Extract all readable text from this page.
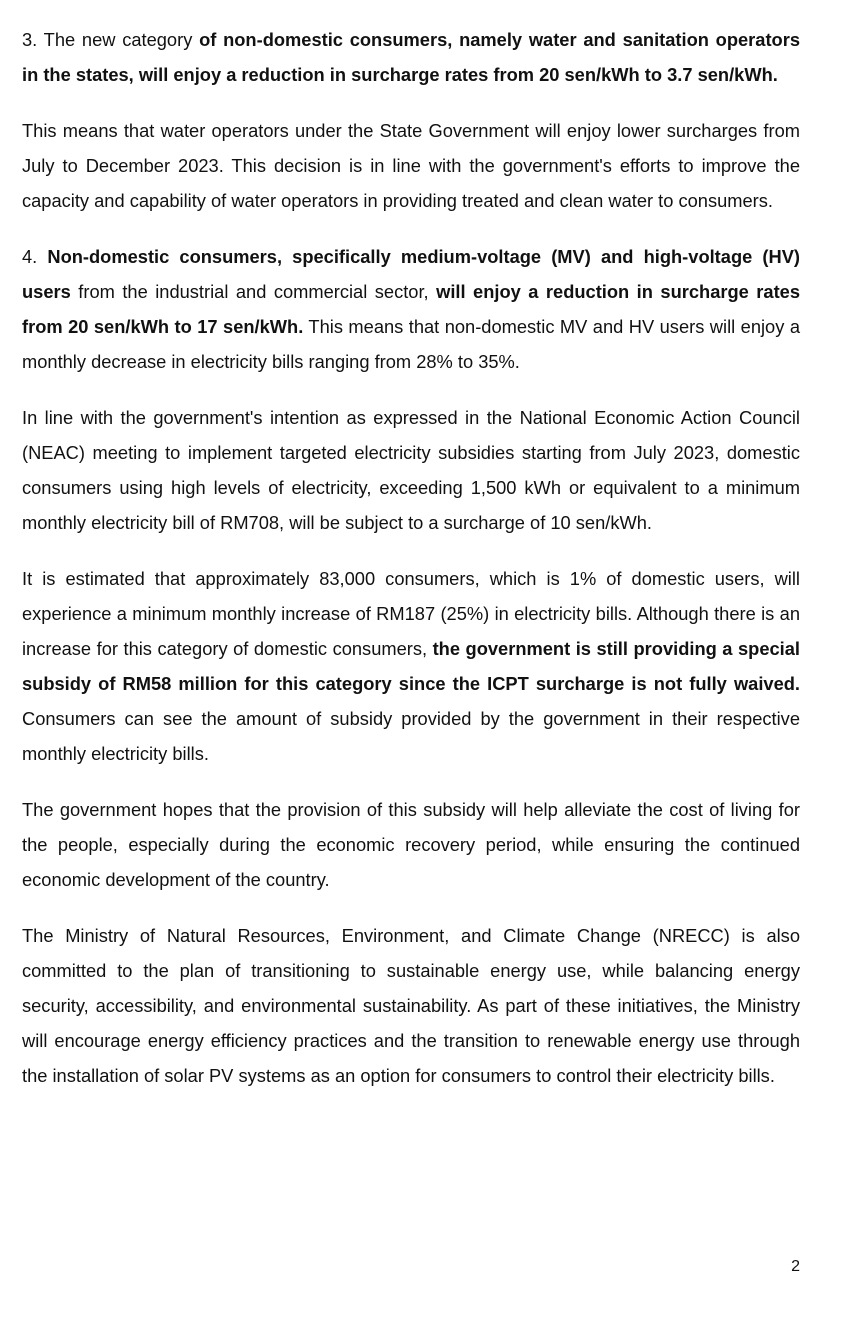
3. The new category of non-domestic consumers, namely water and sanitation operators in the states, will enjoy a reduction in surcharge rates from 20 sen/kWh to 3.7 sen/kWh.

This means that water operators under the State Government will enjoy lower surcharges from July to December 2023. This decision is in line with the government's efforts to improve the capacity and capability of water operators in providing treated and clean water to consumers.

4. Non-domestic consumers, specifically medium-voltage (MV) and high-voltage (HV) users from the industrial and commercial sector, will enjoy a reduction in surcharge rates from 20 sen/kWh to 17 sen/kWh. This means that non-domestic MV and HV users will enjoy a monthly decrease in electricity bills ranging from 28% to 35%.

In line with the government's intention as expressed in the National Economic Action Council (NEAC) meeting to implement targeted electricity subsidies starting from July 2023, domestic consumers using high levels of electricity, exceeding 1,500 kWh or equivalent to a minimum monthly electricity bill of RM708, will be subject to a surcharge of 10 sen/kWh.

It is estimated that approximately 83,000 consumers, which is 1% of domestic users, will experience a minimum monthly increase of RM187 (25%) in electricity bills. Although there is an increase for this category of domestic consumers, the government is still providing a special subsidy of RM58 million for this category since the ICPT surcharge is not fully waived. Consumers can see the amount of subsidy provided by the government in their respective monthly electricity bills.

The government hopes that the provision of this subsidy will help alleviate the cost of living for the people, especially during the economic recovery period, while ensuring the continued economic development of the country.

The Ministry of Natural Resources, Environment, and Climate Change (NRECC) is also committed to the plan of transitioning to sustainable energy use, while balancing energy security, accessibility, and environmental sustainability. As part of these initiatives, the Ministry will encourage energy efficiency practices and the transition to renewable energy use through the installation of solar PV systems as an option for consumers to control their electricity bills.

2
